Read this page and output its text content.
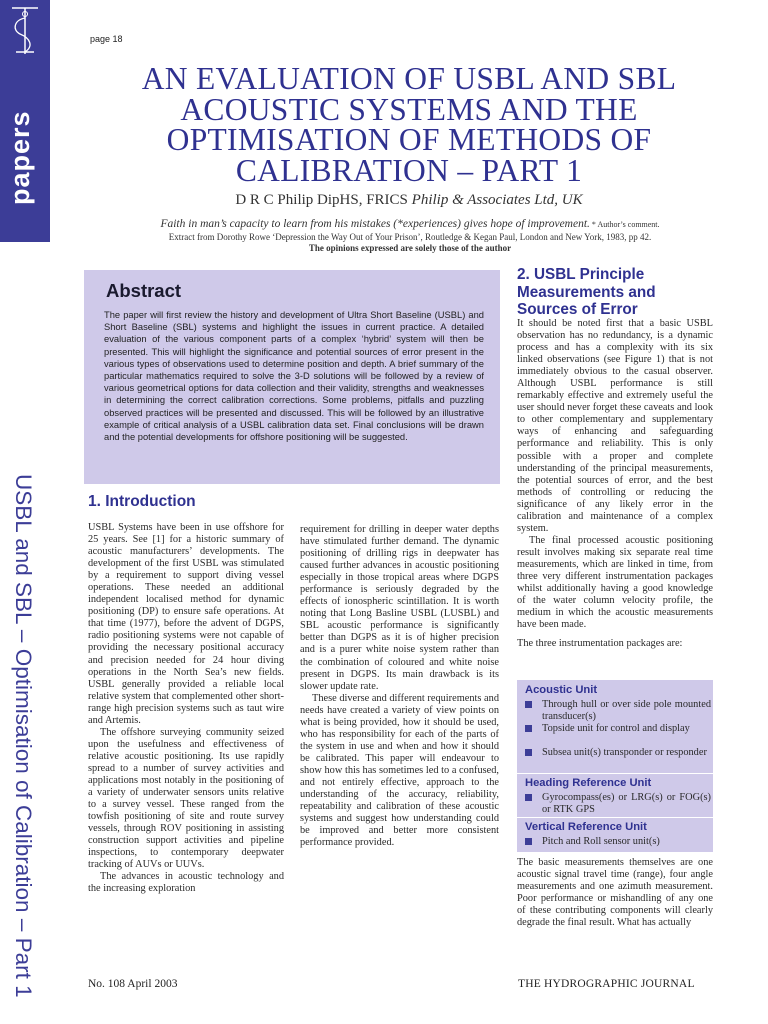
papers
USBL and SBL – Optimisation of Calibration – Part 1
page 18
AN EVALUATION OF USBL AND SBL ACOUSTIC SYSTEMS AND THE OPTIMISATION OF METHODS OF CALIBRATION – PART 1
D R C Philip DipHS, FRICS Philip & Associates Ltd, UK
Faith in man’s capacity to learn from his mistakes (*experiences) gives hope of improvement. * Author’s comment.
Extract from Dorothy Rowe ‘Depression the Way Out of Your Prison’, Routledge & Kegan Paul, London and New York, 1983, pp 42.
The opinions expressed are solely those of the author
Abstract
The paper will first review the history and development of Ultra Short Baseline (USBL) and Short Baseline (SBL) systems and highlight the issues in current practice. A detailed evaluation of the various component parts of a complex ‘hybrid’ system will then be presented. This will highlight the significance and potential sources of error present in the various types of observations used to determine position and depth. A brief summary of the particular mathematics required to solve the 3-D solutions will be followed by a review of various geometrical options for data collection and their validity, strengths and weaknesses in determining the correct calibration corrections. Some problems, pitfalls and puzzling observed practices will be presented and discussed. This will be followed by an illustrative example of critical analysis of a USBL calibration data set. Final conclusions will be drawn and the potential developments for offshore positioning will be suggested.
1. Introduction

USBL Systems have been in use offshore for 25 years. See [1] for a historic summary of acoustic manufacturers’ developments. The development of the first USBL was stimulated by a requirement to support diving vessel operations. These needed an additional independent localised method for dynamic positioning (DP) to ensure safe operations. At that time (1977), before the advent of DGPS, radio positioning systems were not capable of providing the necessary positional accuracy and precision needed for 24 hour diving operations in the North Sea’s new fields. USBL generally provided a reliable local relative system that complemented other short-range high precision systems such as taut wire and Artemis.

The offshore surveying community seized upon the usefulness and effectiveness of relative acoustic positioning. Its use rapidly spread to a number of survey activities and applications most notably in the positioning of a variety of underwater sensors units relative to a survey vessel. These ranged from the towfish positioning of site and route survey vessels, through ROV positioning in assisting construction support activities and pipeline inspections, to contemporary deepwater tracking of AUVs or UUVs.

The advances in acoustic technology and the increasing exploration

requirement for drilling in deeper water depths have stimulated further demand. The dynamic positioning of drilling rigs in deepwater has caused further advances in acoustic positioning especially in those tropical areas where DGPS performance is seriously degraded by the effects of ionospheric scintillation. It is worth noting that Long Basline USBL (LUSBL) and SBL acoustic performance is significantly better than DGPS as it is of higher precision and is a purer white noise system rather than the combination of coloured and white noise present in DGPS. Its main drawback is its slower update rate.

These diverse and different requirements and needs have created a variety of view points on what is being provided, how it should be used, who has responsibility for each of the parts of the system in use and when and how it should be calibrated. This paper will endeavour to show how this has sometimes led to a confused, and not entirely effective, approach to the understanding of the accuracy, reliability, repeatability and calibration of these acoustic systems and suggest how understanding could be improved and better more consistent performance provided.

2. USBL Principle Measurements and Sources of Error

It should be noted first that a basic USBL observation has no redundancy, is a dynamic process and has a complexity with its six linked observations (see Figure 1) that is not immediately obvious to the casual observer. Although USBL performance is still remarkably effective and extremely useful the user should never forget these caveats and look to other complementary and supplementary ways of enhancing and safeguarding performance and reliability. This is only possible with a proper and complete understanding of the principal measurements, the potential sources of error, and the best methods of controlling or reducing the significance of any likely error in the calibration and maintenance of a complex system.

The final processed acoustic positioning result involves making six separate real time measurements, which are linked in time, from three very different instrumentation packages whilst additionally having a good knowledge of the water column velocity profile, the medium in which the acoustic measurements have been made.

The three instrumentation packages are:

Acoustic Unit
Through hull or over side pole mounted transducer(s)
Topside unit for control and display
Subsea unit(s) transponder or responder
Heading Reference Unit
Gyrocompass(es) or LRG(s) or FOG(s) or RTK GPS
Vertical Reference Unit
Pitch and Roll sensor unit(s)

The basic measurements themselves are one acoustic signal travel time (range), four angle measurements and one azimuth measurement. Poor performance or mishandling of any one of these contributing components will clearly degrade the final result. What has actually

No. 108 April 2003	THE HYDROGRAPHIC JOURNAL
